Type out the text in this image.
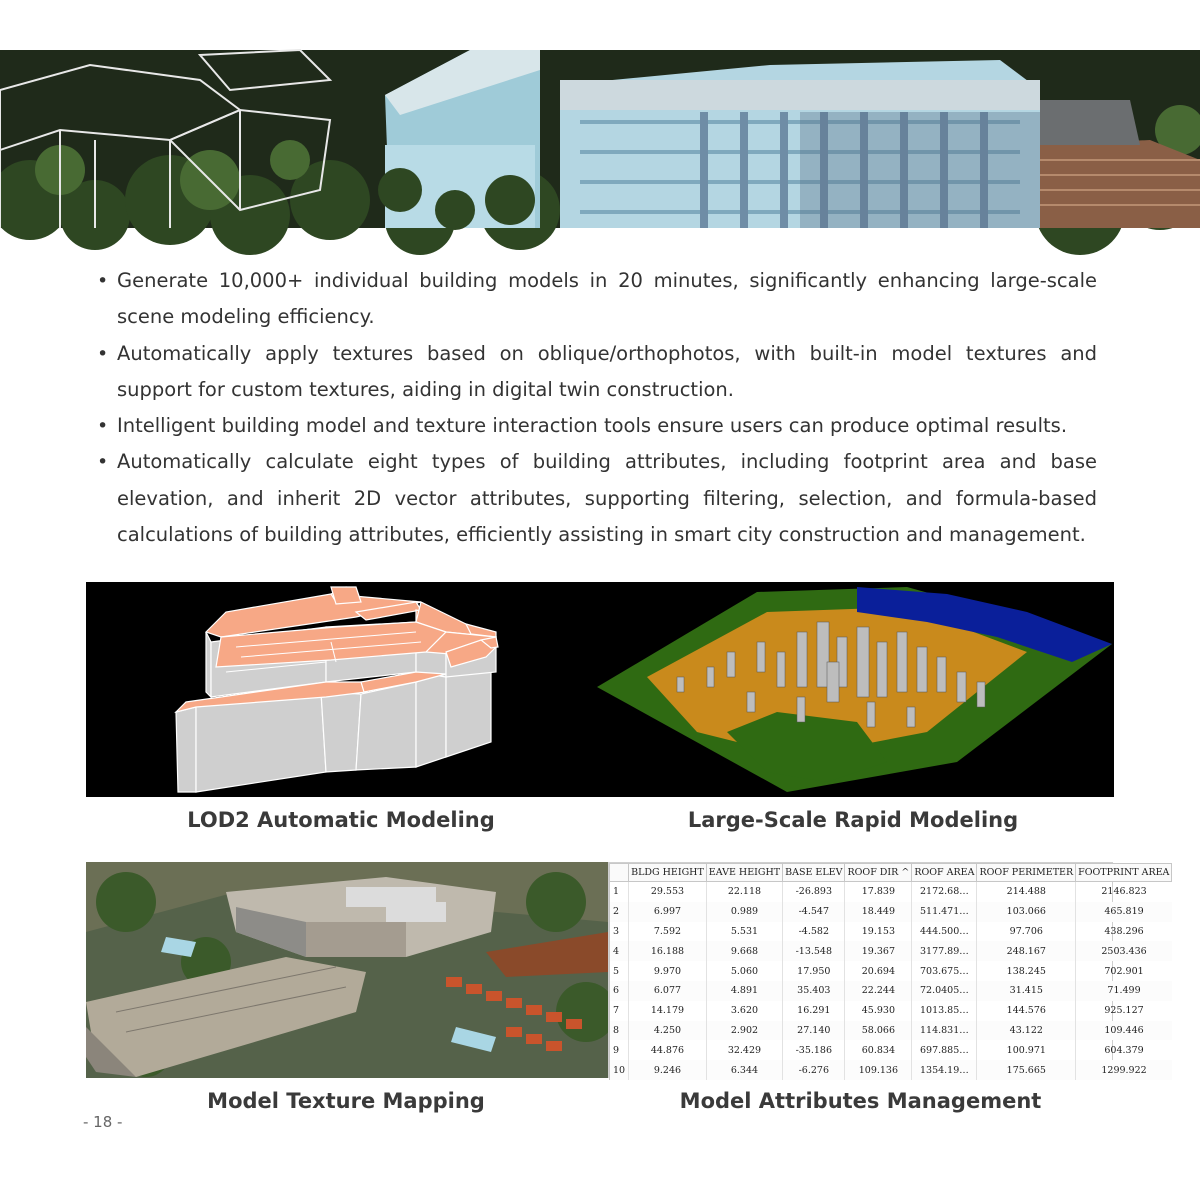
• Generate 10,000+ individual building models in 20 minutes, significantly enhancing large-scale scene modeling efficiency.
• Automatically apply textures based on oblique/orthophotos, with built-in model textures and support for custom textures, aiding in digital twin construction.
• Intelligent building model and texture interaction tools ensure users can produce optimal results.
• Automatically calculate eight types of building attributes, including footprint area and base elevation, and inherit 2D vector attributes, supporting filtering, selection, and formula-based calculations of building attributes, efficiently assisting in smart city construction and management.
LOD2 Automatic Modeling	Large-Scale Rapid Modeling
	BLDG HEIGHT	EAVE HEIGHT	BASE ELEV	ROOF DIR ^	ROOF AREA	ROOF PERIMETER	FOOTPRINT AREA
1	29.553	22.118	-26.893	17.839	2172.68…	214.488	2146.823
2	6.997	0.989	-4.547	18.449	511.471…	103.066	465.819
3	7.592	5.531	-4.582	19.153	444.500…	97.706	438.296
4	16.188	9.668	-13.548	19.367	3177.89…	248.167	2503.436
5	9.970	5.060	17.950	20.694	703.675…	138.245	702.901
6	6.077	4.891	35.403	22.244	72.0405…	31.415	71.499
7	14.179	3.620	16.291	45.930	1013.85…	144.576	925.127
8	4.250	2.902	27.140	58.066	114.831…	43.122	109.446
9	44.876	32.429	-35.186	60.834	697.885…	100.971	604.379
10	9.246	6.344	-6.276	109.136	1354.19…	175.665	1299.922
Model Texture Mapping	Model Attributes Management
- 18 -
